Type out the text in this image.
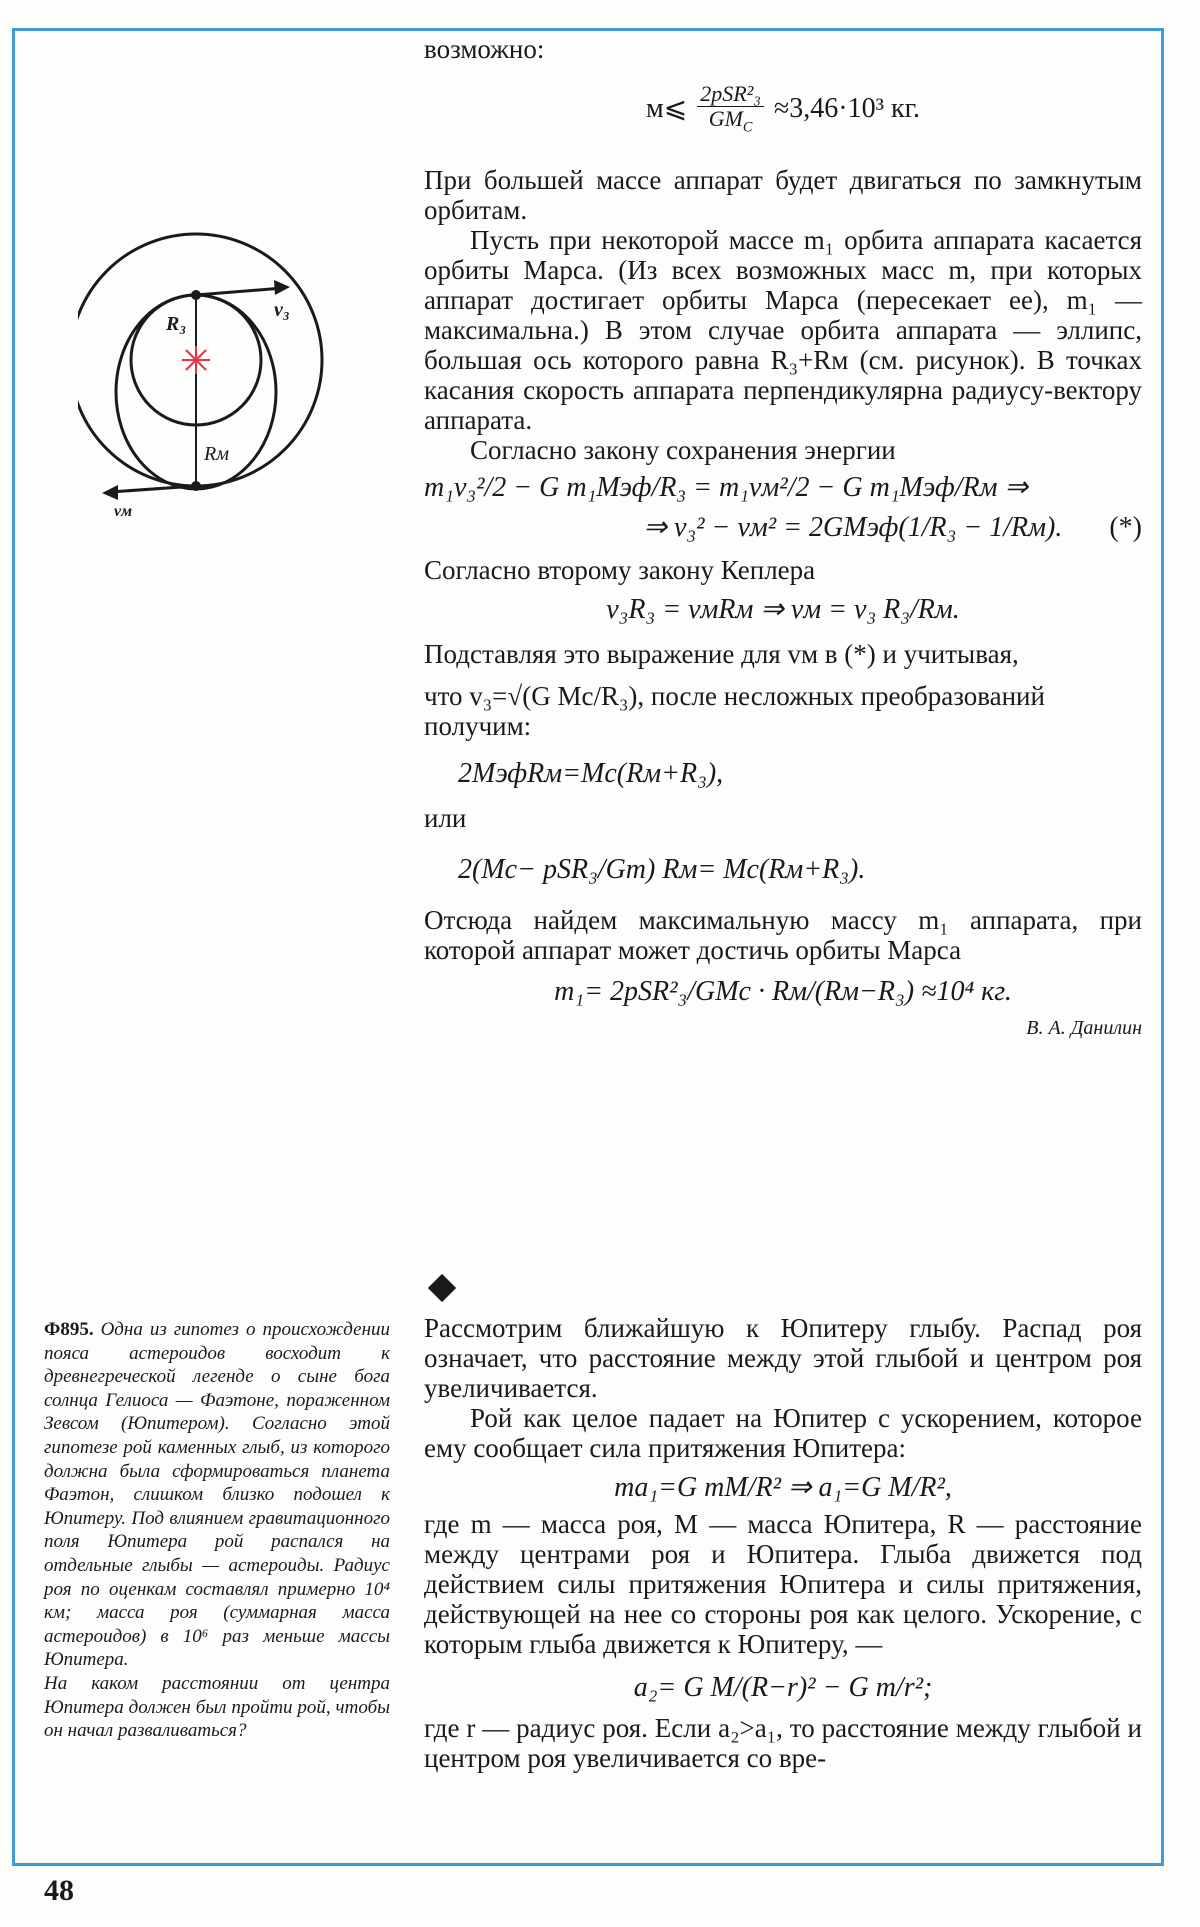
возможно:

м⩽ $\frac{\text{2pSR²₃}}{GM_C} \approx 3,46\cdot 10^3$ кг.

При большей массе аппарат будет двигаться по замкнутым орбитам.

Пусть при некоторой массе m₁ орбита аппарата касается орбиты Марса. (Из всех возможных масс m, при которых аппарат достигает орбиты Марса (пересекает ее), m₁ — максимальна.) В этом случае орбита аппарата — эллипс, большая ось которого равна R₃+Rм (см. рисунок). В точках касания скорость аппарата перпендикулярна радиусу-вектору аппарата.

Согласно закону сохранения энергии

m₁v₃²/2 − G m₁Mэф/R₃ = m₁vм²/2 − G m₁Mэф/Rм ⇒
⇒ v₃² − vм² = 2GMэф(1/R₃ − 1/Rм). (*)

Согласно второму закону Кеплера

v₃R₃ = vмRм ⇒ vм = v₃ R₃/Rм.

Подставляя это выражение для vм в (*) и учитывая,

что v₃=√(G Mc/R₃), после несложных преобразований

получим:

2MэфRм=Mc(Rм+R₃),

или

2(Mc− pSR₃/Gm) Rм= Mc(Rм+R₃).

Отсюда найдем максимальную массу m₁ аппарата, при которой аппарат может достичь орбиты Марса

m₁= 2pSR²₃/GMc · Rм/(Rм−R₃) ≈10⁴ кг.
В. А. Данилин
R₃
Rм
v₃
vм

Рассмотрим ближайшую к Юпитеру глыбу. Распад роя означает, что расстояние между этой глыбой и центром роя увеличивается.

Рой как целое падает на Юпитер с ускорением, которое ему сообщает сила притяжения Юпитера:

ma₁=G mM/R² ⇒ a₁=G M/R²,

где m — масса роя, M — масса Юпитера, R — расстояние между центрами роя и Юпитера. Глыба движется под действием силы притяжения Юпитера и силы притяжения, действующей на нее со стороны роя как целого. Ускорение, с которым глыба движется к Юпитеру, —

a₂= G M/(R−r)² − G m/r²;

где r — радиус роя. Если a₂>a₁, то расстояние между глыбой и центром роя увеличивается со вре-

Ф895. Одна из гипотез о происхождении пояса астероидов восходит к древнегреческой легенде о сыне бога солнца Гелиоса — Фаэтоне, пораженном Зевсом (Юпитером). Согласно этой гипотезе рой каменных глыб, из которого должна была сформироваться планета Фаэтон, слишком близко подошел к Юпитеру. Под влиянием гравитационного поля Юпитера рой распался на отдельные глыбы — астероиды. Радиус роя по оценкам составлял примерно 10⁴ км; масса роя (суммарная масса астероидов) в 10⁶ раз меньше массы Юпитера.

На каком расстоянии от центра Юпитера должен был пройти рой, чтобы он начал разваливаться?

48
